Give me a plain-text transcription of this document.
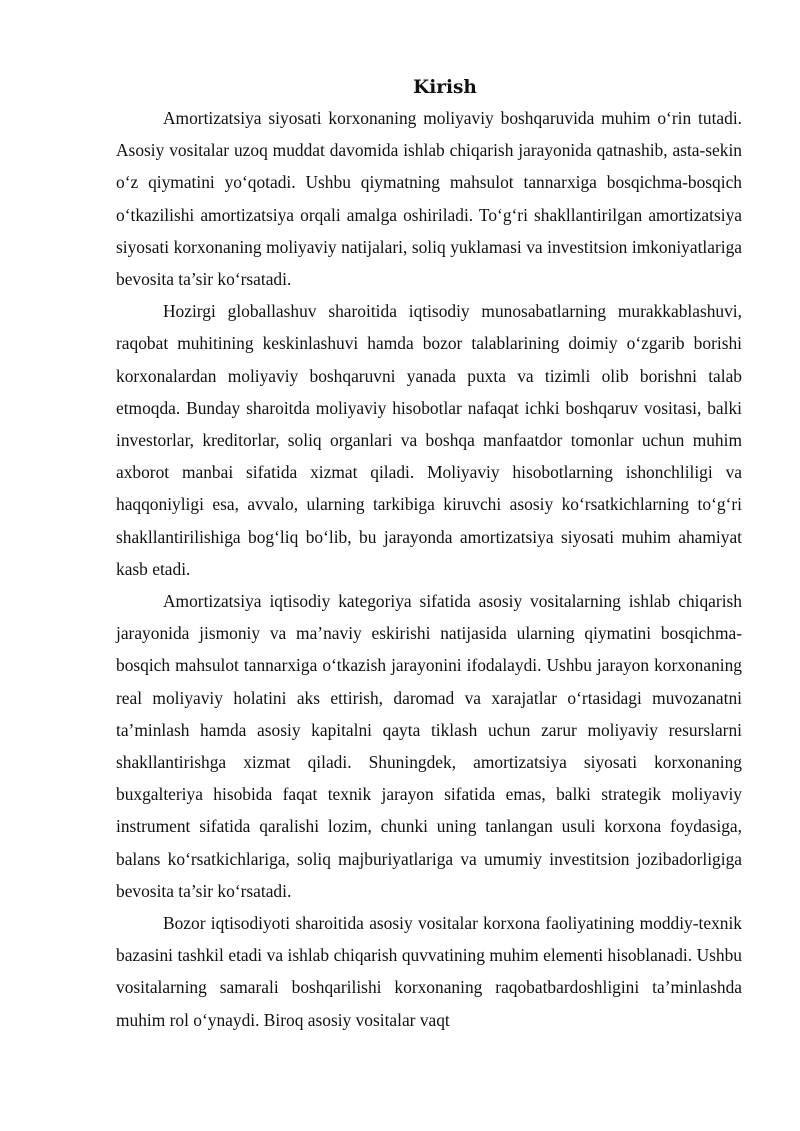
Kirish

Amortizatsiya siyosati korxonaning moliyaviy boshqaruvida muhim o‘rin tutadi. Asosiy vositalar uzoq muddat davomida ishlab chiqarish jarayonida qatnashib, asta-sekin o‘z qiymatini yo‘qotadi. Ushbu qiymatning mahsulot tannarxiga bosqichma-bosqich o‘tkazilishi amortizatsiya orqali amalga oshiriladi. To‘g‘ri shakllantirilgan amortizatsiya siyosati korxonaning moliyaviy natijalari, soliq yuklamasi va investitsion imkoniyatlariga bevosita ta’sir ko‘rsatadi.

Hozirgi globallashuv sharoitida iqtisodiy munosabatlarning murakkablashuvi, raqobat muhitining keskinlashuvi hamda bozor talablarining doimiy o‘zgarib borishi korxonalardan moliyaviy boshqaruvni yanada puxta va tizimli olib borishni talab etmoqda. Bunday sharoitda moliyaviy hisobotlar nafaqat ichki boshqaruv vositasi, balki investorlar, kreditorlar, soliq organlari va boshqa manfaatdor tomonlar uchun muhim axborot manbai sifatida xizmat qiladi. Moliyaviy hisobotlarning ishonchliligi va haqqoniyligi esa, avvalo, ularning tarkibiga kiruvchi asosiy ko‘rsatkichlarning to‘g‘ri shakllantirilishiga bog‘liq bo‘lib, bu jarayonda amortizatsiya siyosati muhim ahamiyat kasb etadi.

Amortizatsiya iqtisodiy kategoriya sifatida asosiy vositalarning ishlab chiqarish jarayonida jismoniy va ma’naviy eskirishi natijasida ularning qiymatini bosqichma-bosqich mahsulot tannarxiga o‘tkazish jarayonini ifodalaydi. Ushbu jarayon korxonaning real moliyaviy holatini aks ettirish, daromad va xarajatlar o‘rtasidagi muvozanatni ta’minlash hamda asosiy kapitalni qayta tiklash uchun zarur moliyaviy resurslarni shakllantirishga xizmat qiladi. Shuningdek, amortizatsiya siyosati korxonaning buxgalteriya hisobida faqat texnik jarayon sifatida emas, balki strategik moliyaviy instrument sifatida qaralishi lozim, chunki uning tanlangan usuli korxona foydasiga, balans ko‘rsatkichlariga, soliq majburiyatlariga va umumiy investitsion jozibadorligiga bevosita ta’sir ko‘rsatadi.

Bozor iqtisodiyoti sharoitida asosiy vositalar korxona faoliyatining moddiy-texnik bazasini tashkil etadi va ishlab chiqarish quvvatining muhim elementi hisoblanadi. Ushbu vositalarning samarali boshqarilishi korxonaning raqobatbardoshligini ta’minlashda muhim rol o‘ynaydi. Biroq asosiy vositalar vaqt
